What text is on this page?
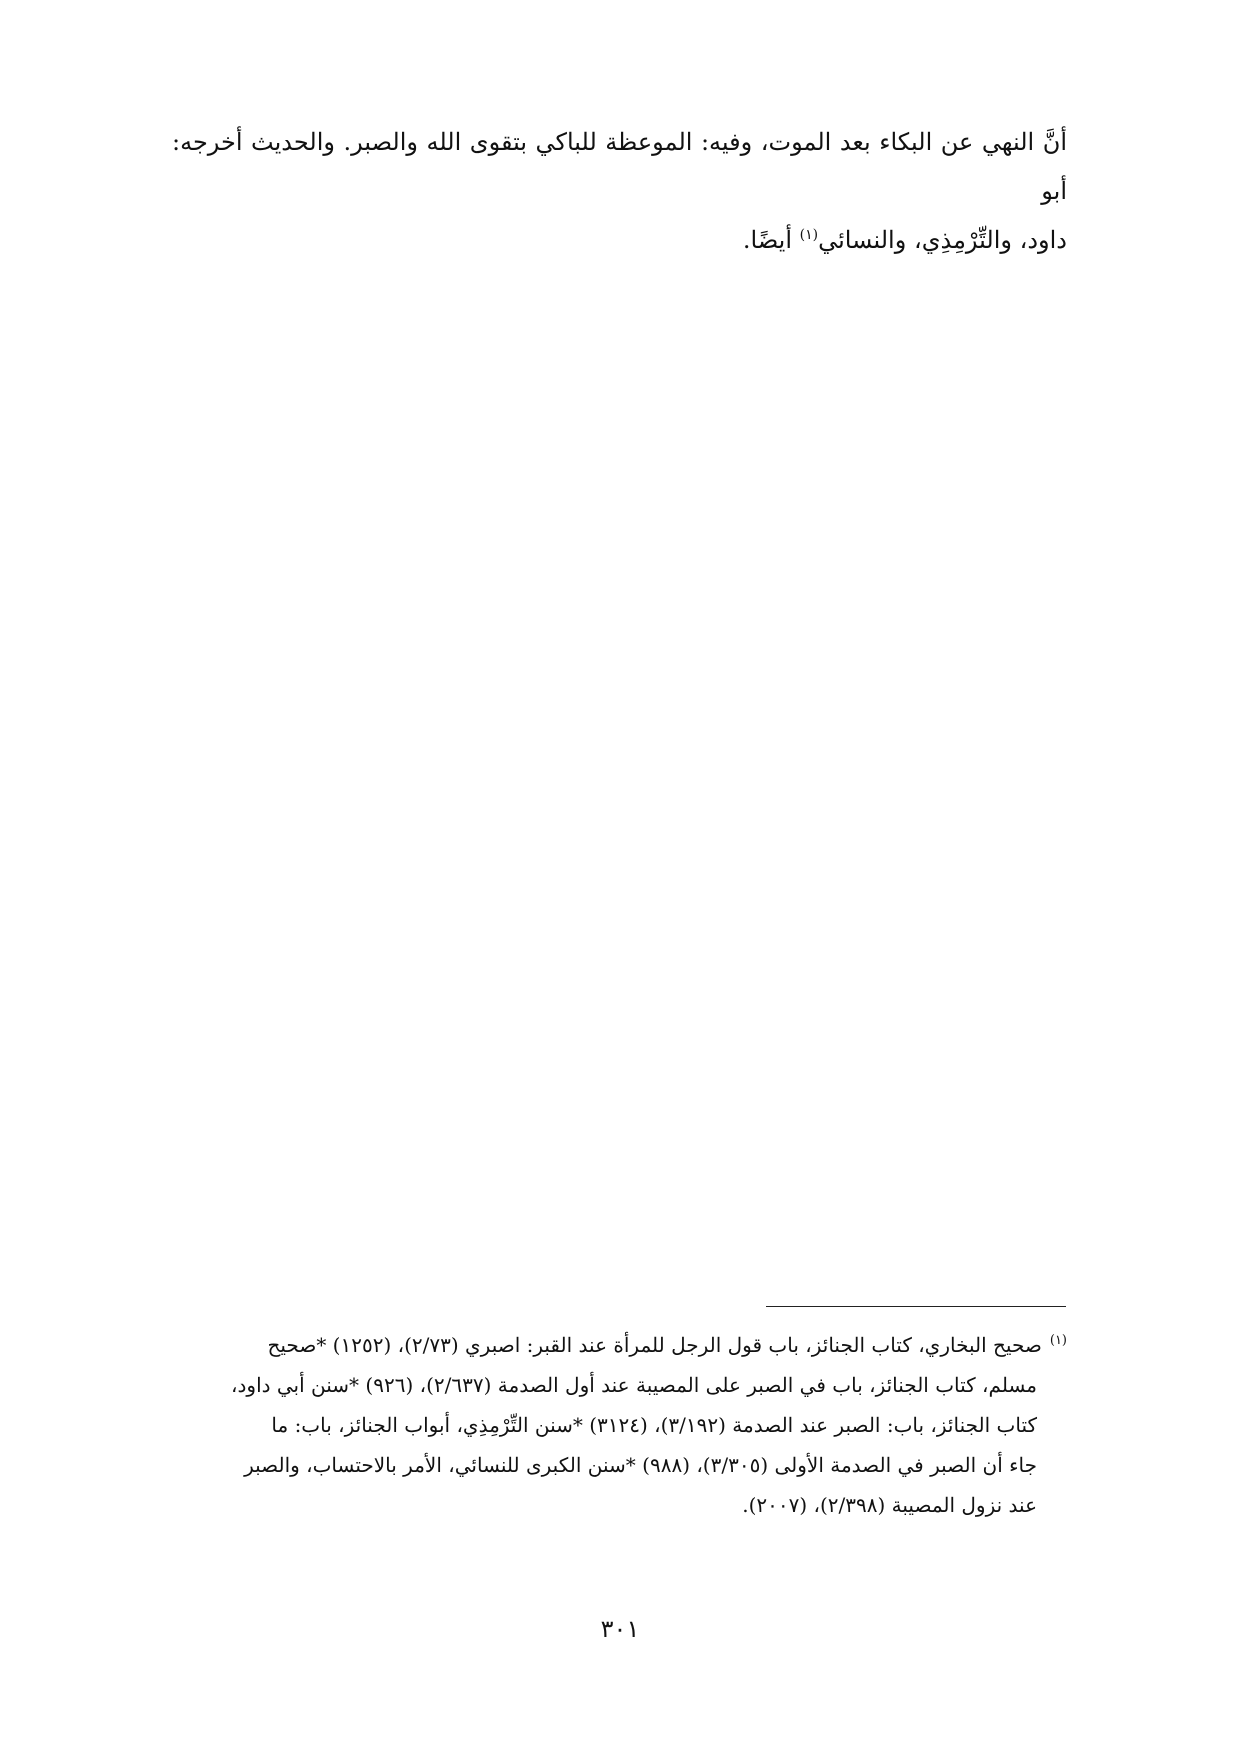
أنَّ النهي عن البكاء بعد الموت، وفيه: الموعظة للباكي بتقوى الله والصبر. والحديث أخرجه: أبو
داود، والتِّرْمِذِي، والنسائي$^{(١)}$ أيضًا.

$^{(١)}$صحيح البخاري، كتاب الجنائز، باب قول الرجل للمرأة عند القبر: اصبري (٢/٧٣)، (١٢٥٢) *صحيح
مسلم، كتاب الجنائز، باب في الصبر على المصيبة عند أول الصدمة (٢/٦٣٧)، (٩٢٦) *سنن أبي داود،
كتاب الجنائز، باب: الصبر عند الصدمة (٣/١٩٢)، (٣١٢٤) *سنن التِّرْمِذِي، أبواب الجنائز، باب: ما
جاء أن الصبر في الصدمة الأولى (٣/٣٠٥)، (٩٨٨) *سنن الكبرى للنسائي، الأمر بالاحتساب، والصبر
عند نزول المصيبة (٢/٣٩٨)، (٢٠٠٧).

٣٠١
